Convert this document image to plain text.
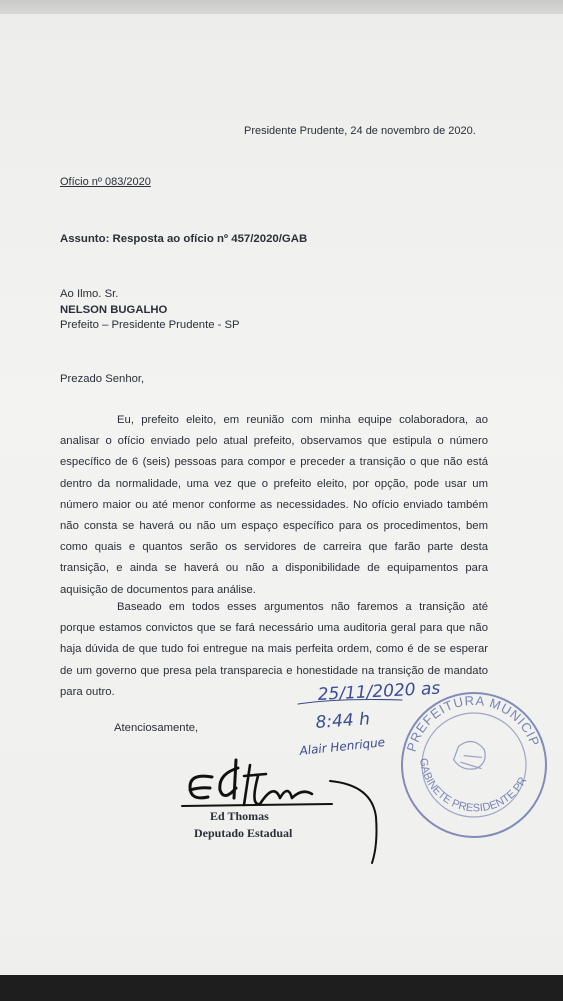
Presidente Prudente, 24 de novembro de 2020.
Ofício nº 083/2020
Assunto: Resposta ao ofício nº 457/2020/GAB
Ao Ilmo. Sr.
NELSON BUGALHO
Prefeito – Presidente Prudente - SP
Prezado Senhor,
Eu, prefeito eleito, em reunião com minha equipe colaboradora, ao analisar o ofício enviado pelo atual prefeito, observamos que estipula o número específico de 6 (seis) pessoas para compor e preceder a transição o que não está dentro da normalidade, uma vez que o prefeito eleito, por opção, pode usar um número maior ou até menor conforme as necessidades. No ofício enviado também não consta se haverá ou não um espaço específico para os procedimentos, bem como quais e quantos serão os servidores de carreira que farão parte desta transição, e ainda se haverá ou não a disponibilidade de equipamentos para aquisição de documentos para análise.
Baseado em todos esses argumentos não faremos a transição até porque estamos convictos que se fará necessário uma auditoria geral para que não haja dúvida de que tudo foi entregue na mais perfeita ordem, como é de se esperar de um governo que presa pela transparecia e honestidade na transição de mandato para outro.
Atenciosamente,
Ed Thomas
Deputado Estadual
PREFEITURA MUNICIP
GABINETE PRESIDENTE PRUDENTE
25/11/2020 as
8:44 h
Alair Henrique
